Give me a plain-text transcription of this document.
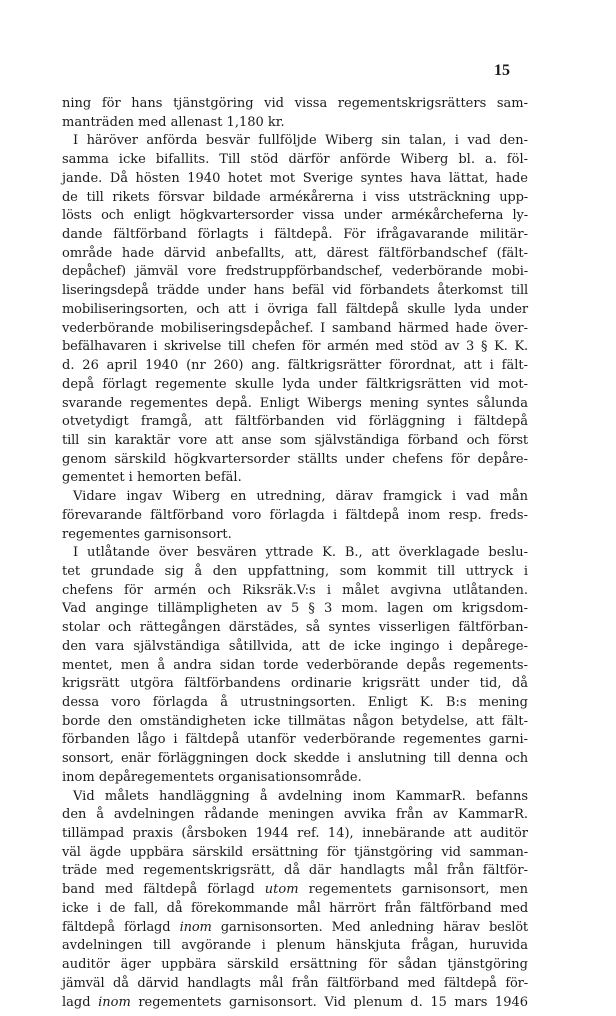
15
ning för hans tjänstgöring vid vissa regementskrigsrätters sam-
manträden med allenast 1,180 kr.
I häröver anförda besvär fullföljde Wiberg sin talan, i vad den-
samma icke bifallits. Till stöd därför anförde Wiberg bl. a. föl-
jande. Då hösten 1940 hotet mot Sverige syntes hava lättat, hade
de till rikets försvar bildade arméкårerna i viss utsträckning upp-
lösts och enligt högkvartersorder vissa under arméкårcheferna ly-
dande fältförband förlagts i fältdepå. För ifrågavarande militär-
område hade därvid anbefallts, att, därest fältförbandschef (fält-
depåchef) jämväl vore fredstruppförbandschef, vederbörande mobi-
liseringsdepå trädde under hans befäl vid förbandets återkomst till
mobiliseringsorten, och att i övriga fall fältdepå skulle lyda under
vederbörande mobiliseringsdepåchef. I samband härmed hade över-
befälhavaren i skrivelse till chefen för armén med stöd av 3 § K. K.
d. 26 april 1940 (nr 260) ang. fältkrigsrätter förordnat, att i fält-
depå förlagt regemente skulle lyda under fältkrigsrätten vid mot-
svarande regementes depå. Enligt Wibergs mening syntes sålunda
otvetydigt framgå, att fältförbanden vid förläggning i fältdepå
till sin karaktär vore att anse som självständiga förband och först
genom särskild högkvartersorder ställts under chefens för depåre-
gementet i hemorten befäl.
Vidare ingav Wiberg en utredning, därav framgick i vad mån
förevarande fältförband voro förlagda i fältdepå inom resp. freds-
regementes garnisonsort.
I utlåtande över besvären yttrade K. B., att överklagade beslu-
tet grundade sig å den uppfattning, som kommit till uttryck i
chefens för armén och Riksräk.V:s i målet avgivna utlåtanden.
Vad anginge tillämpligheten av 5 § 3 mom. lagen om krigsdom-
stolar och rättegången därstädes, så syntes visserligen fältförban-
den vara självständiga såtillvida, att de icke ingingo i depårege-
mentet, men å andra sidan torde vederbörande depås regements-
krigsrätt utgöra fältförbandens ordinarie krigsrätt under tid, då
dessa voro förlagda å utrustningsorten. Enligt K. B:s mening
borde den omständigheten icke tillmätas någon betydelse, att fält-
förbanden lågo i fältdepå utanför vederbörande regementes garni-
sonsort, enär förläggningen dock skedde i anslutning till denna och
inom depåregementets organisationsområde.
Vid målets handläggning å avdelning inom KammarR. befanns
den å avdelningen rådande meningen avvika från av KammarR.
tillämpad praxis (årsboken 1944 ref. 14), innebärande att auditör
väl ägde uppbära särskild ersättning för tjänstgöring vid samman-
träde med regementskrigsrätt, då där handlagts mål från fältför-
band med fältdepå förlagd utom regementets garnisonsort, men
icke i de fall, då förekommande mål härrört från fältförband med
fältdepå förlagd inom garnisonsorten. Med anledning härav beslöt
avdelningen till avgörande i plenum hänskjuta frågan, huruvida
auditör äger uppbära särskild ersättning för sådan tjänstgöring
jämväl då därvid handlagts mål från fältförband med fältdepå för-
lagd inom regementets garnisonsort. Vid plenum d. 15 mars 1946
